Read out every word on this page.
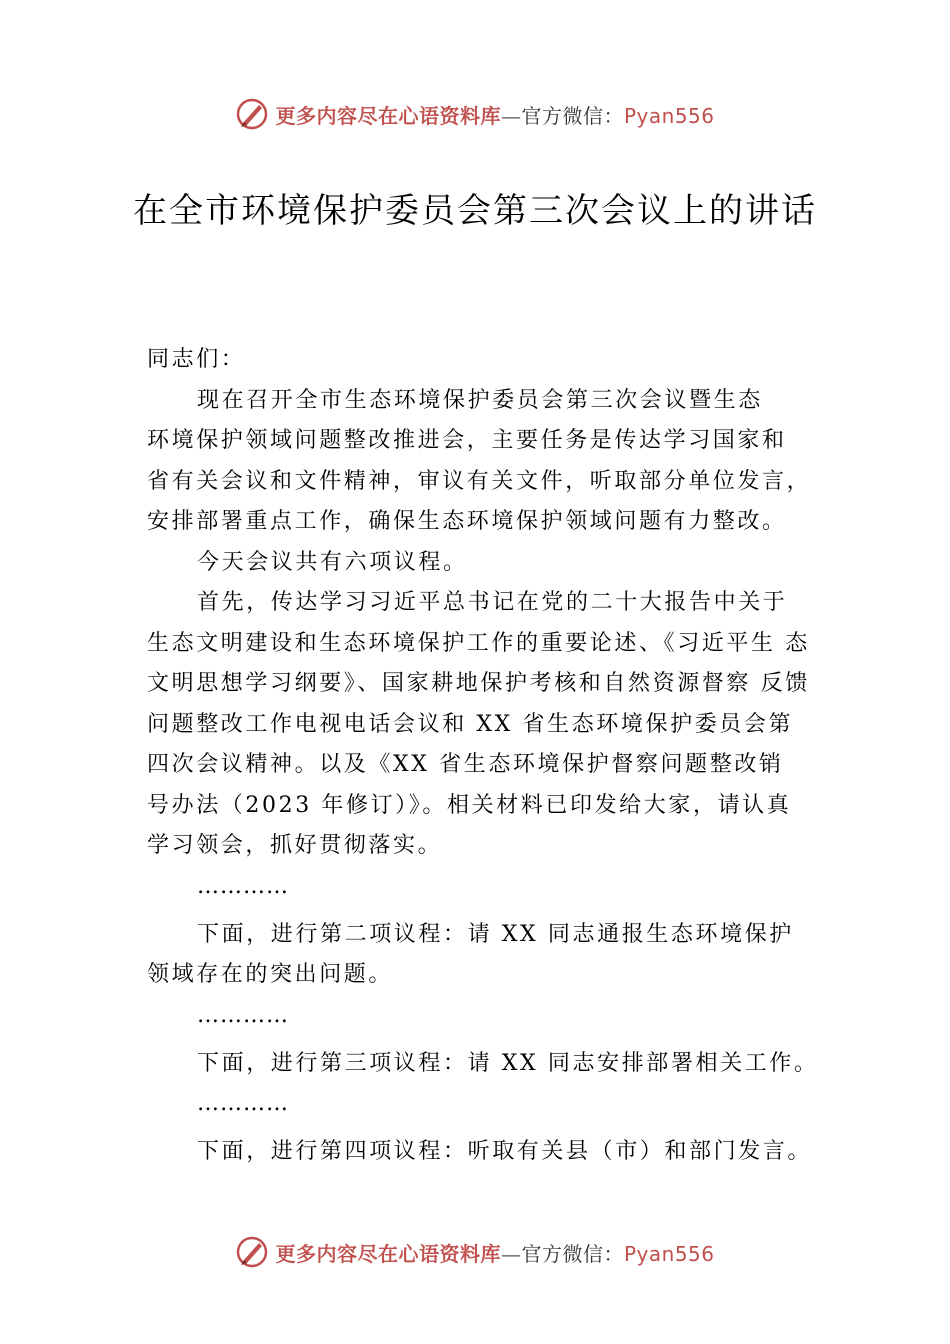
更多内容尽在心语资料库—官方微信：Pyan556
在全市环境保护委员会第三次会议上的讲话
同志们：
现在召开全市生态环境保护委员会第三次会议暨生态
环境保护领域问题整改推进会，主要任务是传达学习国家和
省有关会议和文件精神，审议有关文件，听取部分单位发言，
安排部署重点工作，确保生态环境保护领域问题有力整改。
今天会议共有六项议程。
首先，传达学习习近平总书记在党的二十大报告中关于
生态文明建设和生态环境保护工作的重要论述、《习近平生 态
文明思想学习纲要》、国家耕地保护考核和自然资源督察 反馈
问题整改工作电视电话会议和 XX 省生态环境保护委员会第
四次会议精神。以及《XX 省生态环境保护督察问题整改销
号办法（2023 年修订）》。相关材料已印发给大家，请认真
学习领会，抓好贯彻落实。
…………
下面，进行第二项议程：请 XX 同志通报生态环境保护
领域存在的突出问题。
…………
下面，进行第三项议程：请 XX 同志安排部署相关工作。
…………
下面，进行第四项议程：听取有关县（市）和部门发言。
更多内容尽在心语资料库—官方微信：Pyan556
